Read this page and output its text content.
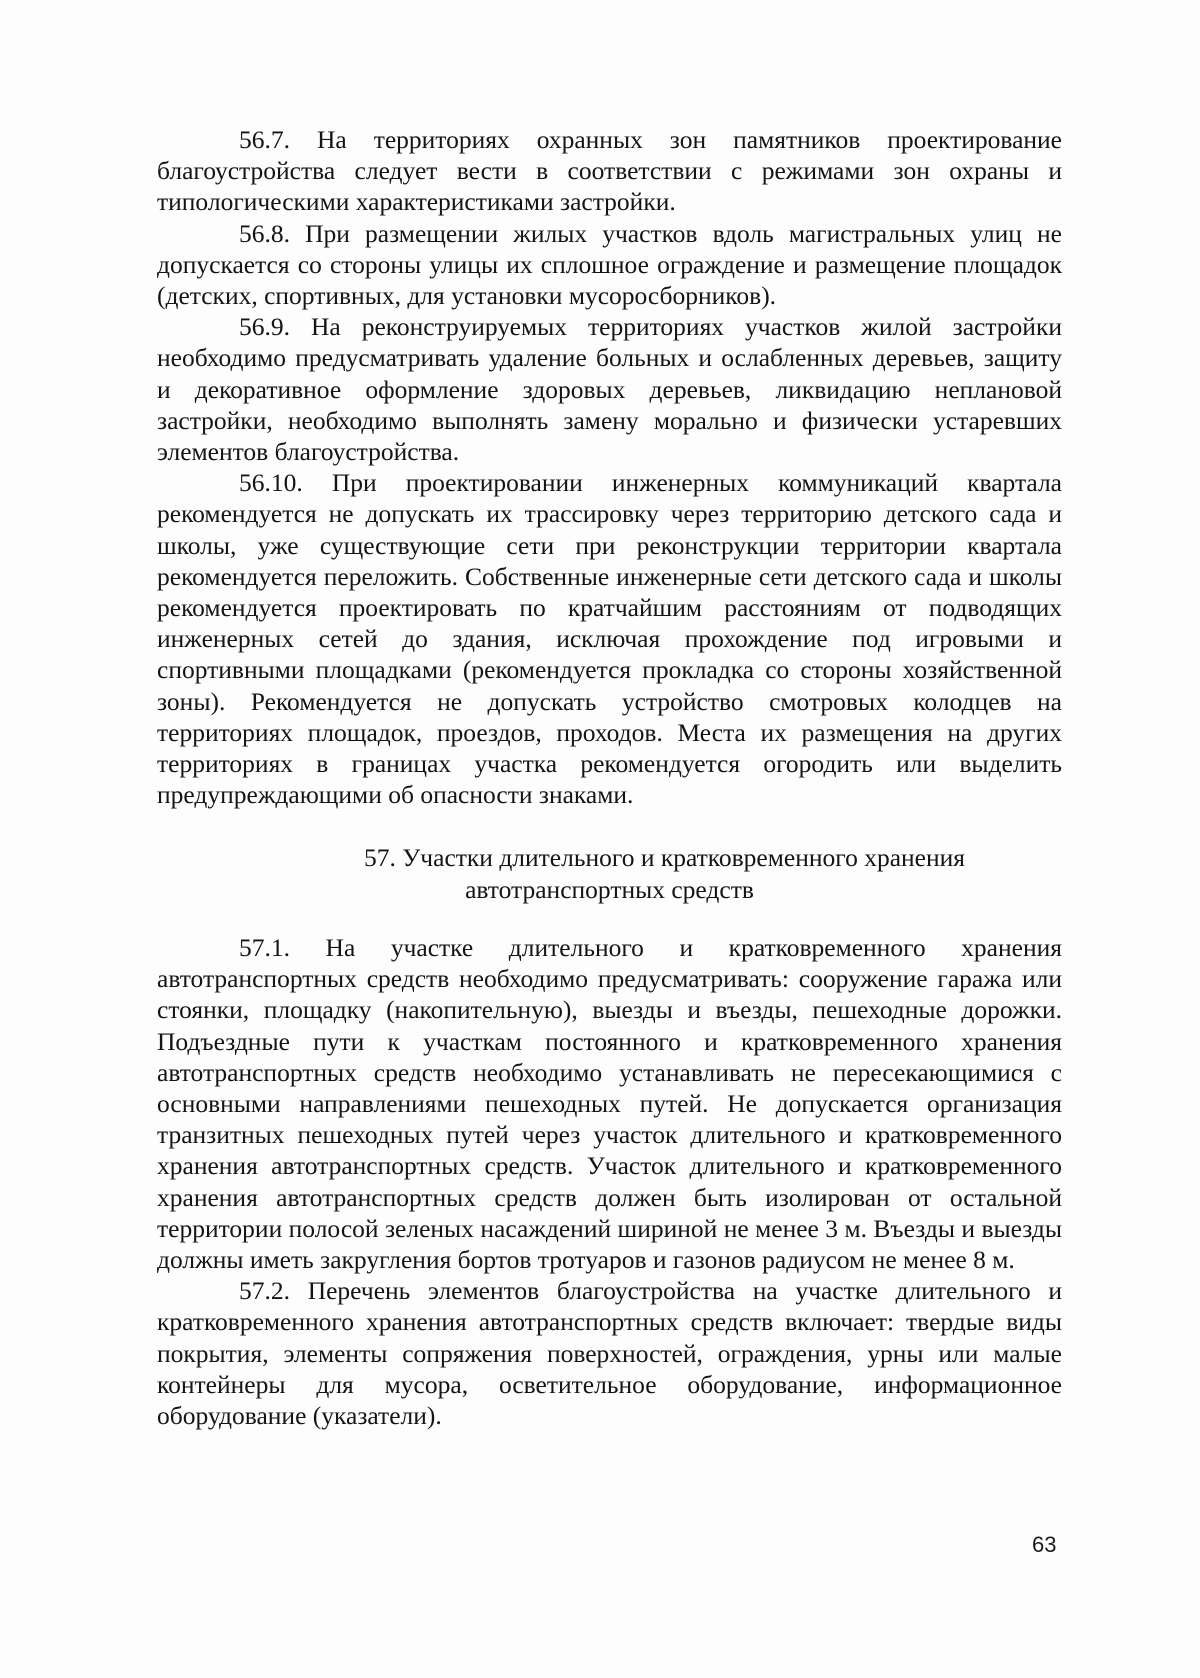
56.7. На территориях охранных зон памятников проектирование благоустройства следует вести в соответствии с режимами зон охраны и типологическими характеристиками застройки.

56.8. При размещении жилых участков вдоль магистральных улиц не допускается со стороны улицы их сплошное ограждение и размещение площадок (детских, спортивных, для установки мусоросборников).

56.9. На реконструируемых территориях участков жилой застройки необходимо предусматривать удаление больных и ослабленных деревьев, защиту и декоративное оформление здоровых деревьев, ликвидацию неплановой застройки, необходимо выполнять замену морально и физически устаревших элементов благоустройства.

56.10. При проектировании инженерных коммуникаций квартала рекомендуется не допускать их трассировку через территорию детского сада и школы, уже существующие сети при реконструкции территории квартала рекомендуется переложить. Собственные инженерные сети детского сада и школы рекомендуется проектировать по кратчайшим расстояниям от подводящих инженерных сетей до здания, исключая прохождение под игровыми и спортивными площадками (рекомендуется прокладка со стороны хозяйственной зоны). Рекомендуется не допускать устройство смотровых колодцев на территориях площадок, проездов, проходов. Места их размещения на других территориях в границах участка рекомендуется огородить или выделить предупреждающими об опасности знаками.

57. Участки длительного и кратковременного хранения
автотранспортных средств

57.1. На участке длительного и кратковременного хранения автотранспортных средств необходимо предусматривать: сооружение гаража или стоянки, площадку (накопительную), выезды и въезды, пешеходные дорожки. Подъездные пути к участкам постоянного и кратковременного хранения автотранспортных средств необходимо устанавливать не пересекающимися с основными направлениями пешеходных путей. Не допускается организация транзитных пешеходных путей через участок длительного и кратковременного хранения автотранспортных средств. Участок длительного и кратковременного хранения автотранспортных средств должен быть изолирован от остальной территории полосой зеленых насаждений шириной не менее 3 м. Въезды и выезды должны иметь закругления бортов тротуаров и газонов радиусом не менее 8 м.

57.2. Перечень элементов благоустройства на участке длительного и кратковременного хранения автотранспортных средств включает: твердые виды покрытия, элементы сопряжения поверхностей, ограждения, урны или малые контейнеры для мусора, осветительное оборудование, информационное оборудование (указатели).

63
